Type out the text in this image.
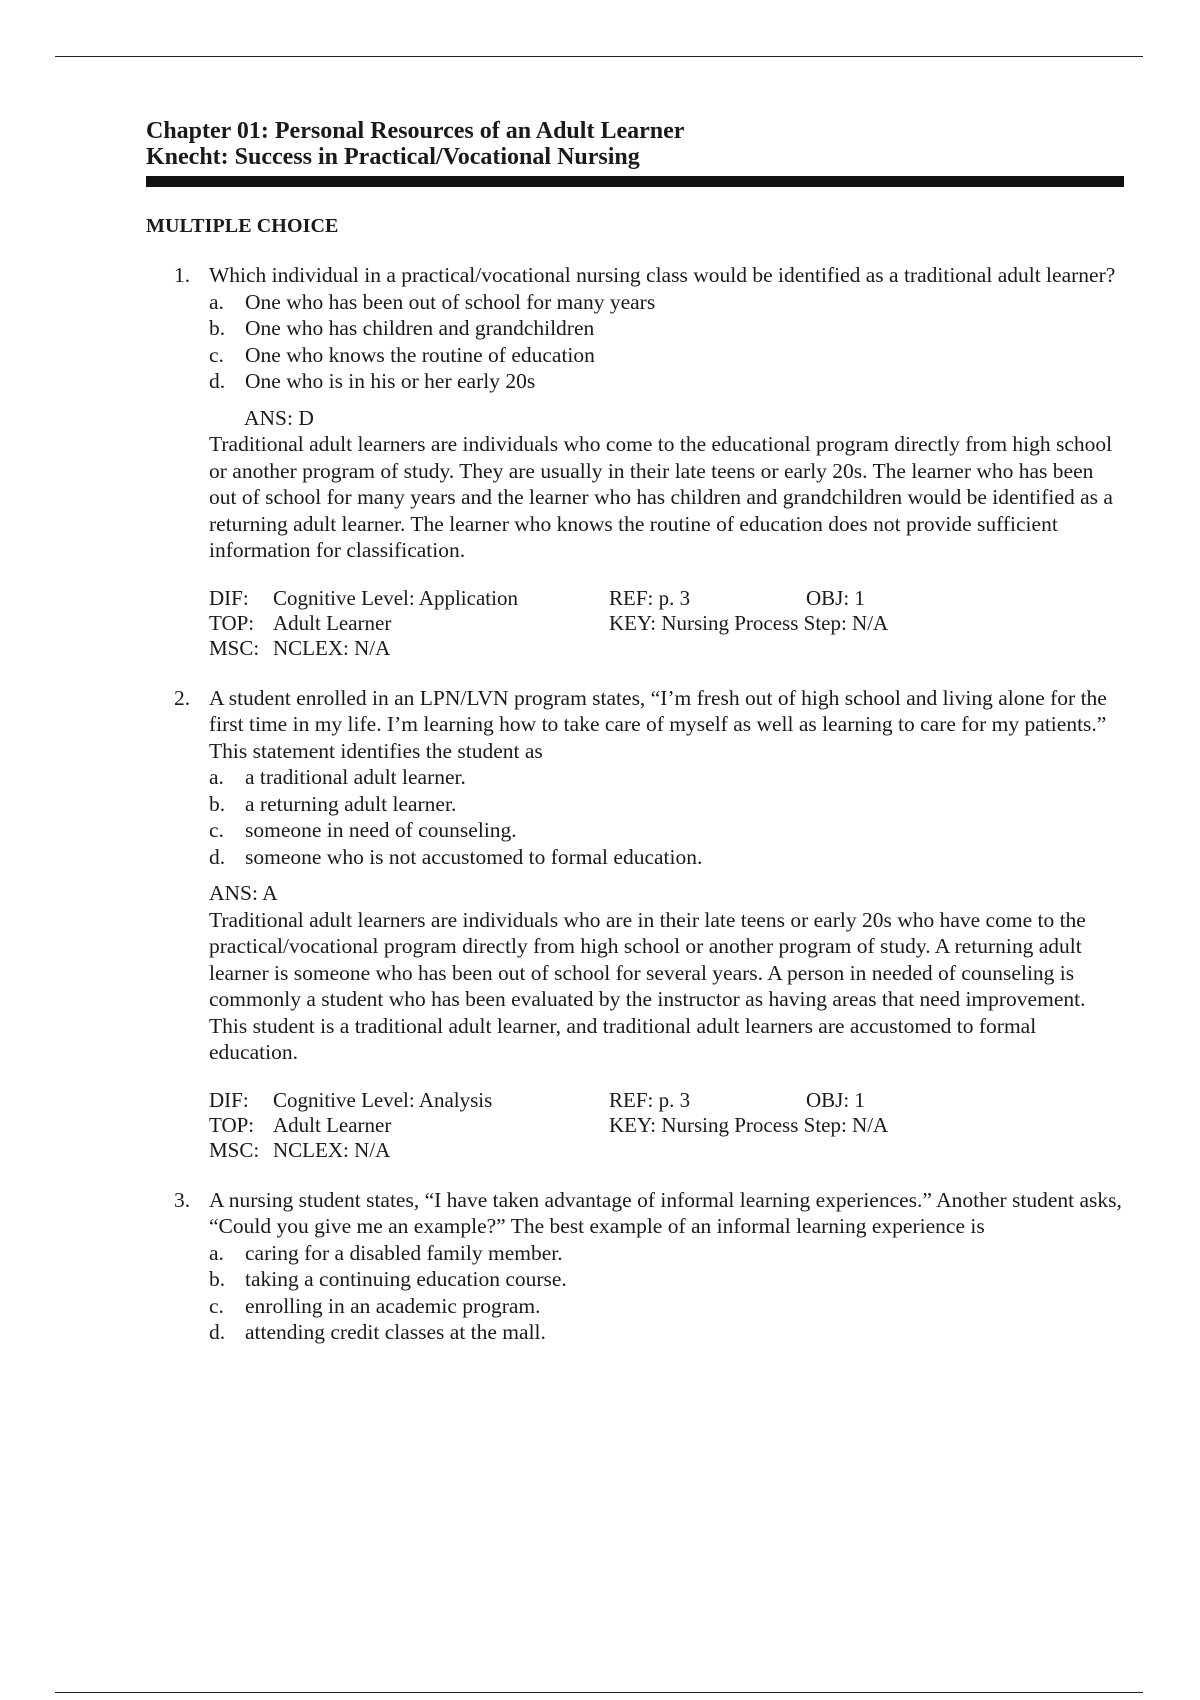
Chapter 01: Personal Resources of an Adult Learner
Knecht: Success in Practical/Vocational Nursing
MULTIPLE CHOICE
1. Which individual in a practical/vocational nursing class would be identified as a traditional adult learner?
a. One who has been out of school for many years
b. One who has children and grandchildren
c. One who knows the routine of education
d. One who is in his or her early 20s
ANS: D
Traditional adult learners are individuals who come to the educational program directly from high school or another program of study. They are usually in their late teens or early 20s. The learner who has been out of school for many years and the learner who has children and grandchildren would be identified as a returning adult learner. The learner who knows the routine of education does not provide sufficient information for classification.
DIF: Cognitive Level: Application	REF: p. 3	OBJ: 1
TOP: Adult Learner	KEY: Nursing Process Step: N/A
MSC: NCLEX: N/A
2. A student enrolled in an LPN/LVN program states, “I’m fresh out of high school and living alone for the first time in my life. I’m learning how to take care of myself as well as learning to care for my patients.” This statement identifies the student as
a. a traditional adult learner.
b. a returning adult learner.
c. someone in need of counseling.
d. someone who is not accustomed to formal education.
ANS: A
Traditional adult learners are individuals who are in their late teens or early 20s who have come to the practical/vocational program directly from high school or another program of study. A returning adult learner is someone who has been out of school for several years. A person in needed of counseling is commonly a student who has been evaluated by the instructor as having areas that need improvement. This student is a traditional adult learner, and traditional adult learners are accustomed to formal education.
DIF: Cognitive Level: Analysis	REF: p. 3	OBJ: 1
TOP: Adult Learner	KEY: Nursing Process Step: N/A
MSC: NCLEX: N/A
3. A nursing student states, “I have taken advantage of informal learning experiences.” Another student asks, “Could you give me an example?” The best example of an informal learning experience is
a. caring for a disabled family member.
b. taking a continuing education course.
c. enrolling in an academic program.
d. attending credit classes at the mall.
